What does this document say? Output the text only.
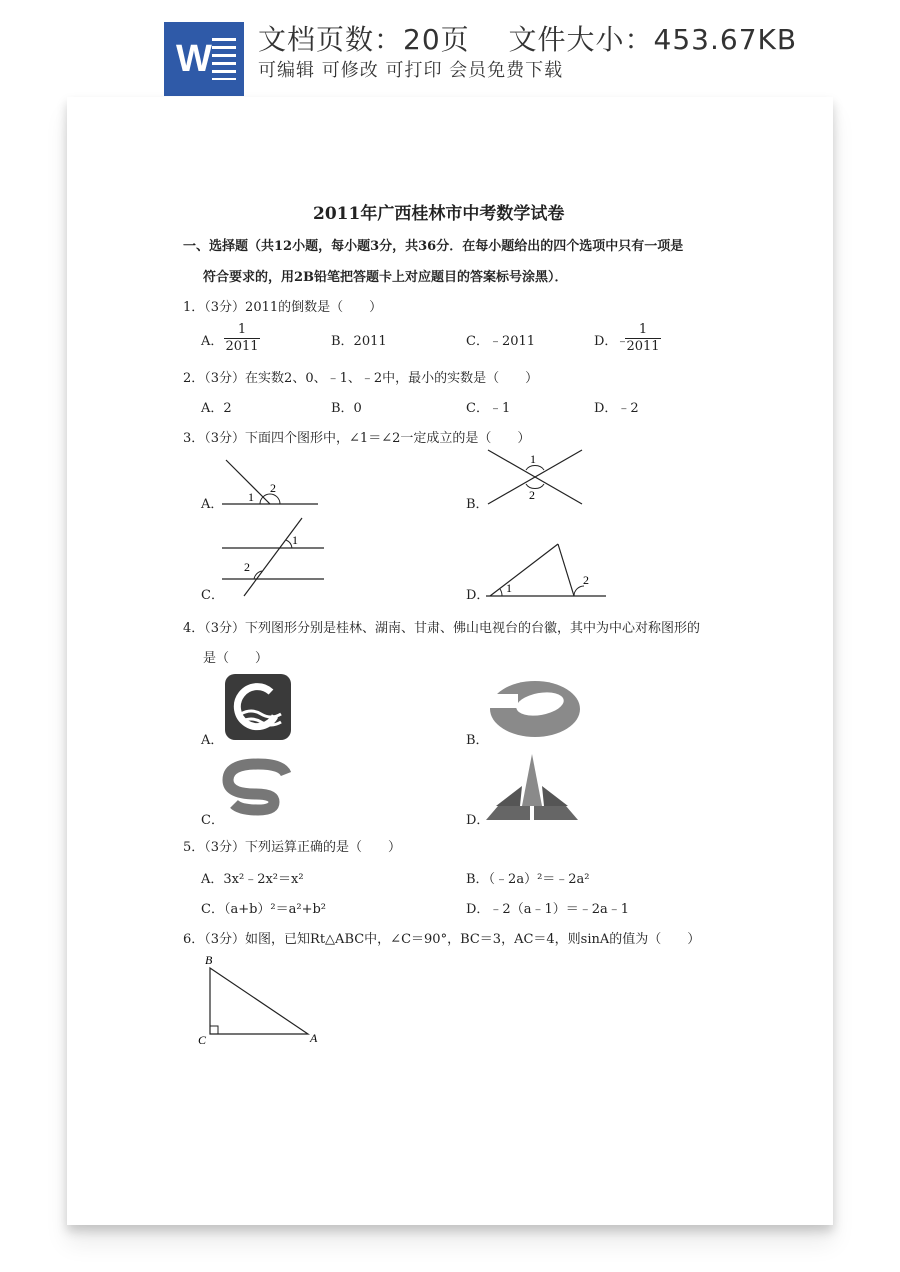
W 文档页数：20页　 文件大小：453.67KB
可编辑 可修改 可打印 会员免费下载
2011年广西桂林市中考数学试卷
一、选择题（共12小题，每小题3分，共36分．在每小题给出的四个选项中只有一项是
符合要求的，用2B铅笔把答题卡上对应题目的答案标号涂黑）．
1．（3分）2011的倒数是（　　）
A． $\frac{1}{2011}$	B．2011	C．﹣2011	D．
﹣
$\frac{1}{2011}$
2．（3分）在实数2、0、﹣1、﹣2中，最小的实数是（　　）
A．2	B．0	C．﹣1	D．﹣2
3．（3分）下面四个图形中，∠1＝∠2一定成立的是（　　）
A． 1
2
B．
1
2
C．
1
2
D． 1
2
4．（3分）下列图形分别是桂林、湖南、甘肃、佛山电视台的台徽，其中为中心对称图形的
是（　　）
A．	B．
C．	D．
5．（3分）下列运算正确的是（　　）
A．3x²﹣2x²＝x²	B．（﹣2a）²＝﹣2a²
C．（a+b）²＝a²+b²	D．﹣2（a﹣1）＝﹣2a﹣1
6．（3分）如图，已知Rt△ABC中，∠C＝90°，BC＝3，AC＝4，则sinA的值为（　　）
B
C	A
